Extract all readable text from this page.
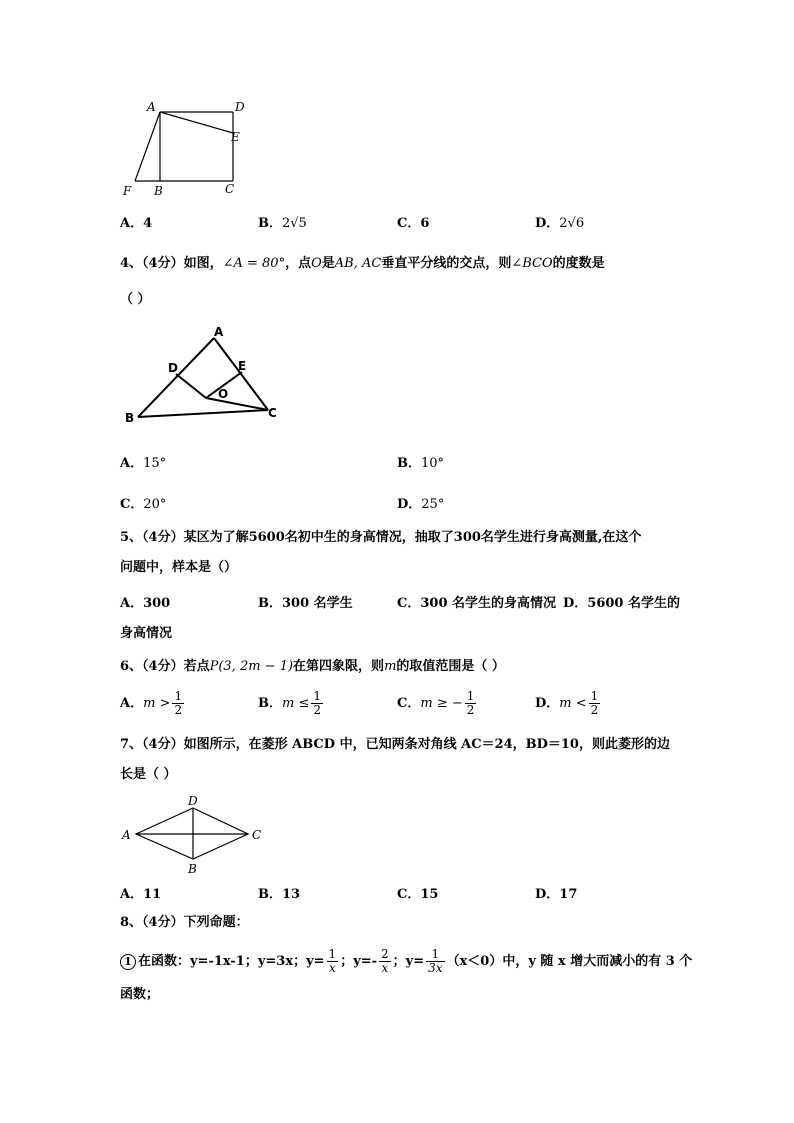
A	D
E
F B	C
A．4	B．2√5	C．6	D．2√6
4、（4分）如图，∠A = 80°，点O是AB, AC垂直平分线的交点，则∠BCO的度数是
（ ）
A
D	E
O
B	C
A．15°	B．10°
C．20°	D．25°
5、（4分）某区为了解5600名初中生的身高情况，抽取了300名学生进行身高测量,在这个
问题中，样本是（）
A．300	B．300 名学生	C．300 名学生的身高情况 D．5600 名学生的
身高情况
6、（4分）若点P(3, 2m − 1)在第四象限，则m的取值范围是（ ）
A．$m > \frac{1}{2}$	B．$m \le \frac{1}{2}$	C．m ≥ − $\frac{1}{2}$	D．$m < \frac{1}{2}$
7、（4分）如图所示，在菱形 ABCD 中，已知两条对角线 AC＝24，BD＝10，则此菱形的边
长是（ ）
D
A	C
B
A．11	B．13	C．15	D．17
8、（4分）下列命题：
1 在函数：y=-1x-1；y=3x；$y= \frac{1}{x}$ ；$y=- \frac{2}{x}$ ；$y= \frac{1}{3x} (x<0)$中，y 随 x 增大而减小的有 3 个
函数；
